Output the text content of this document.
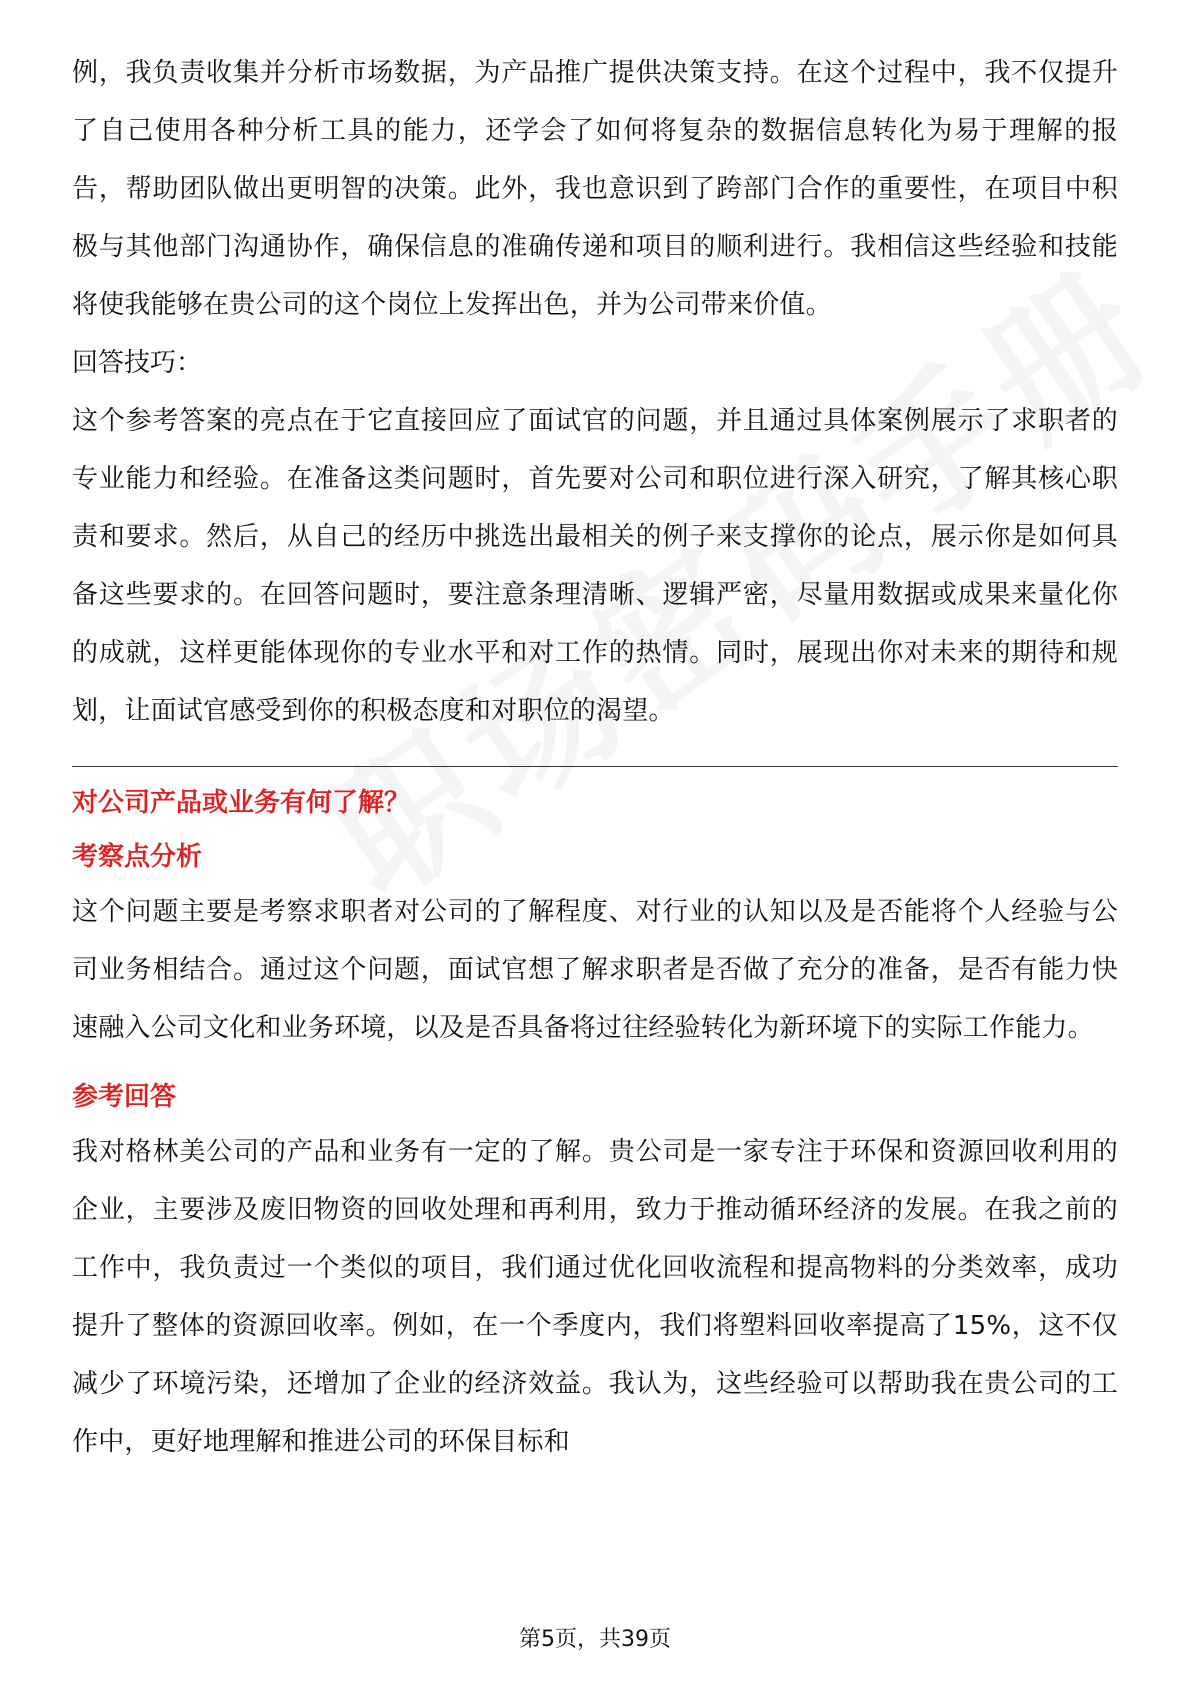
例，我负责收集并分析市场数据，为产品推广提供决策支持。在这个过程中，我不仅提升了自己使用各种分析工具的能力，还学会了如何将复杂的数据信息转化为易于理解的报告，帮助团队做出更明智的决策。此外，我也意识到了跨部门合作的重要性，在项目中积极与其他部门沟通协作，确保信息的准确传递和项目的顺利进行。我相信这些经验和技能将使我能够在贵公司的这个岗位上发挥出色，并为公司带来价值。

回答技巧：

这个参考答案的亮点在于它直接回应了面试官的问题，并且通过具体案例展示了求职者的专业能力和经验。在准备这类问题时，首先要对公司和职位进行深入研究，了解其核心职责和要求。然后，从自己的经历中挑选出最相关的例子来支撑你的论点，展示你是如何具备这些要求的。在回答问题时，要注意条理清晰、逻辑严密，尽量用数据或成果来量化你的成就，这样更能体现你的专业水平和对工作的热情。同时，展现出你对未来的期待和规划，让面试官感受到你的积极态度和对职位的渴望。

对公司产品或业务有何了解？

考察点分析

这个问题主要是考察求职者对公司的了解程度、对行业的认知以及是否能将个人经验与公司业务相结合。通过这个问题，面试官想了解求职者是否做了充分的准备，是否有能力快速融入公司文化和业务环境，以及是否具备将过往经验转化为新环境下的实际工作能力。

参考回答

我对格林美公司的产品和业务有一定的了解。贵公司是一家专注于环保和资源回收利用的企业，主要涉及废旧物资的回收处理和再利用，致力于推动循环经济的发展。在我之前的工作中，我负责过一个类似的项目，我们通过优化回收流程和提高物料的分类效率，成功提升了整体的资源回收率。例如，在一个季度内，我们将塑料回收率提高了15%，这不仅减少了环境污染，还增加了企业的经济效益。我认为，这些经验可以帮助我在贵公司的工作中，更好地理解和推进公司的环保目标和

第5页，共39页
